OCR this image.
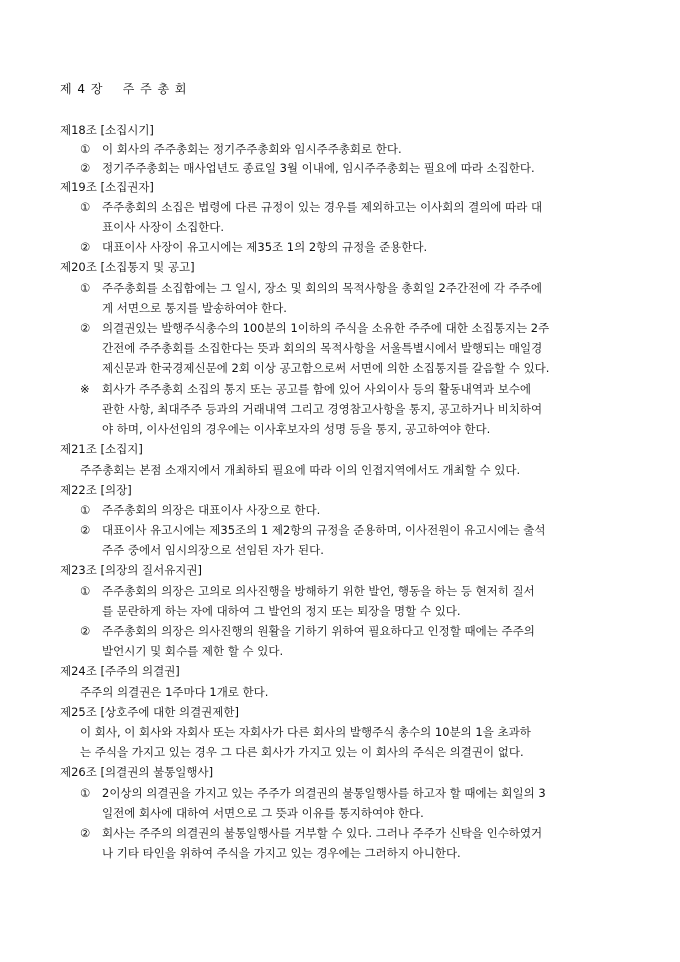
제 4 장    주 주 총 회
제18조 [소집시기]
① 이 회사의 주주총회는 정기주주총회와 임시주주총회로 한다.
② 정기주주총회는 매사업년도 종료일 3월 이내에, 임시주주총회는 필요에 따라 소집한다.
제19조 [소집권자]
① 주주총회의 소집은 법령에 다른 규정이 있는 경우를 제외하고는 이사회의 결의에 따라 대
표이사 사장이 소집한다.
② 대표이사 사장이 유고시에는 제35조 1의 2항의 규정을 준용한다.
제20조 [소집통지 및 공고]
① 주주총회를 소집함에는 그 일시, 장소 및 회의의 목적사항을 총회일 2주간전에 각 주주에
게 서면으로 통지를 발송하여야 한다.
② 의결권있는 발행주식총수의 100분의 1이하의 주식을 소유한 주주에 대한 소집통지는 2주
간전에 주주총회를 소집한다는 뜻과 회의의 목적사항을 서울특별시에서 발행되는 매일경
제신문과 한국경제신문에 2회 이상 공고함으로써 서면에 의한 소집통지를 갈음할 수 있다.
※ 회사가 주주총회 소집의 통지 또는 공고를 함에 있어 사외이사 등의 활동내역과 보수에
관한 사항, 최대주주 등과의 거래내역 그리고 경영참고사항을 통지, 공고하거나 비치하여
야 하며, 이사선임의 경우에는 이사후보자의 성명 등을 통지, 공고하여야 한다.
제21조 [소집지]
주주총회는 본점 소재지에서 개최하되 필요에 따라 이의 인접지역에서도 개최할 수 있다.
제22조 [의장]
① 주주총회의 의장은 대표이사 사장으로 한다.
② 대표이사 유고시에는 제35조의 1 제2항의 규정을 준용하며, 이사전원이 유고시에는 출석
주주 중에서 임시의장으로 선임된 자가 된다.
제23조 [의장의 질서유지권]
① 주주총회의 의장은 고의로 의사진행을 방해하기 위한 발언, 행동을 하는 등 현저히 질서
를 문란하게 하는 자에 대하여 그 발언의 정지 또는 퇴장을 명할 수 있다.
② 주주총회의 의장은 의사진행의 원활을 기하기 위하여 필요하다고 인정할 때에는 주주의
발언시기 및 회수를 제한 할 수 있다.
제24조 [주주의 의결권]
주주의 의결권은 1주마다 1개로 한다.
제25조 [상호주에 대한 의결권제한]
이 회사, 이 회사와 자회사 또는 자회사가 다른 회사의 발행주식 총수의 10분의 1을 초과하
는 주식을 가지고 있는 경우 그 다른 회사가 가지고 있는 이 회사의 주식은 의결권이 없다.
제26조 [의결권의 불통일행사]
① 2이상의 의결권을 가지고 있는 주주가 의결권의 불통일행사를 하고자 할 때에는 회일의 3
일전에 회사에 대하여 서면으로 그 뜻과 이유를 통지하여야 한다.
② 회사는 주주의 의결권의 불통일행사를 거부할 수 있다. 그러나 주주가 신탁을 인수하였거
나 기타 타인을 위하여 주식을 가지고 있는 경우에는 그러하지 아니한다.
